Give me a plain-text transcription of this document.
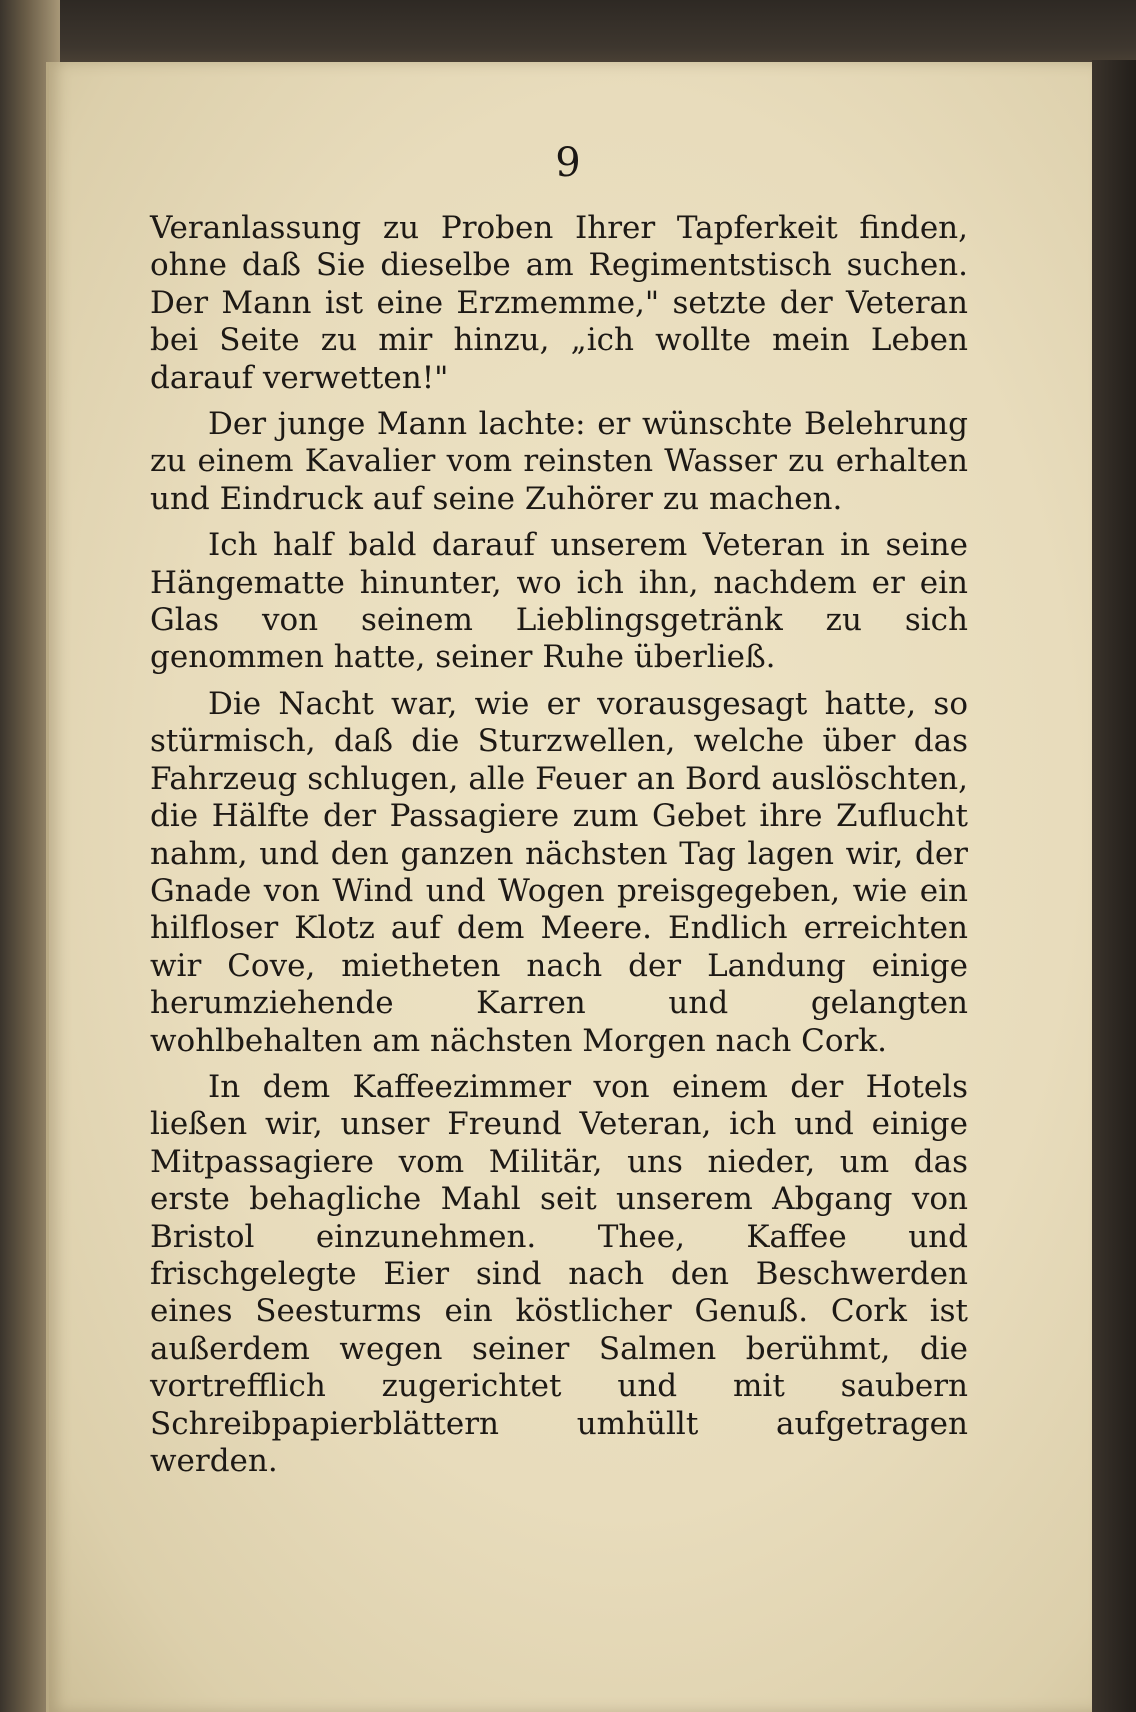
9

Veranlassung zu Proben Ihrer Tapferkeit finden, ohne daß Sie dieselbe am Regimentstisch suchen. Der Mann ist eine Erzmemme," setzte der Veteran bei Seite zu mir hinzu, „ich wollte mein Leben darauf verwetten!"

Der junge Mann lachte: er wünschte Belehrung zu einem Kavalier vom reinsten Wasser zu erhalten und Eindruck auf seine Zuhörer zu machen.

Ich half bald darauf unserem Veteran in seine Hängematte hinunter, wo ich ihn, nachdem er ein Glas von seinem Lieblingsgetränk zu sich genommen hatte, seiner Ruhe überließ.

Die Nacht war, wie er vorausgesagt hatte, so stürmisch, daß die Sturzwellen, welche über das Fahrzeug schlugen, alle Feuer an Bord auslöschten, die Hälfte der Passagiere zum Gebet ihre Zuflucht nahm, und den ganzen nächsten Tag lagen wir, der Gnade von Wind und Wogen preisgegeben, wie ein hilfloser Klotz auf dem Meere. Endlich erreichten wir Cove, mietheten nach der Landung einige herumziehende Karren und gelangten wohlbehalten am nächsten Morgen nach Cork.

In dem Kaffeezimmer von einem der Hotels ließen wir, unser Freund Veteran, ich und einige Mitpassagiere vom Militär, uns nieder, um das erste behagliche Mahl seit unserem Abgang von Bristol einzunehmen. Thee, Kaffee und frischgelegte Eier sind nach den Beschwerden eines Seesturms ein köstlicher Genuß. Cork ist außerdem wegen seiner Salmen berühmt, die vortrefflich zugerichtet und mit saubern Schreibpapierblättern umhüllt aufgetragen werden.
